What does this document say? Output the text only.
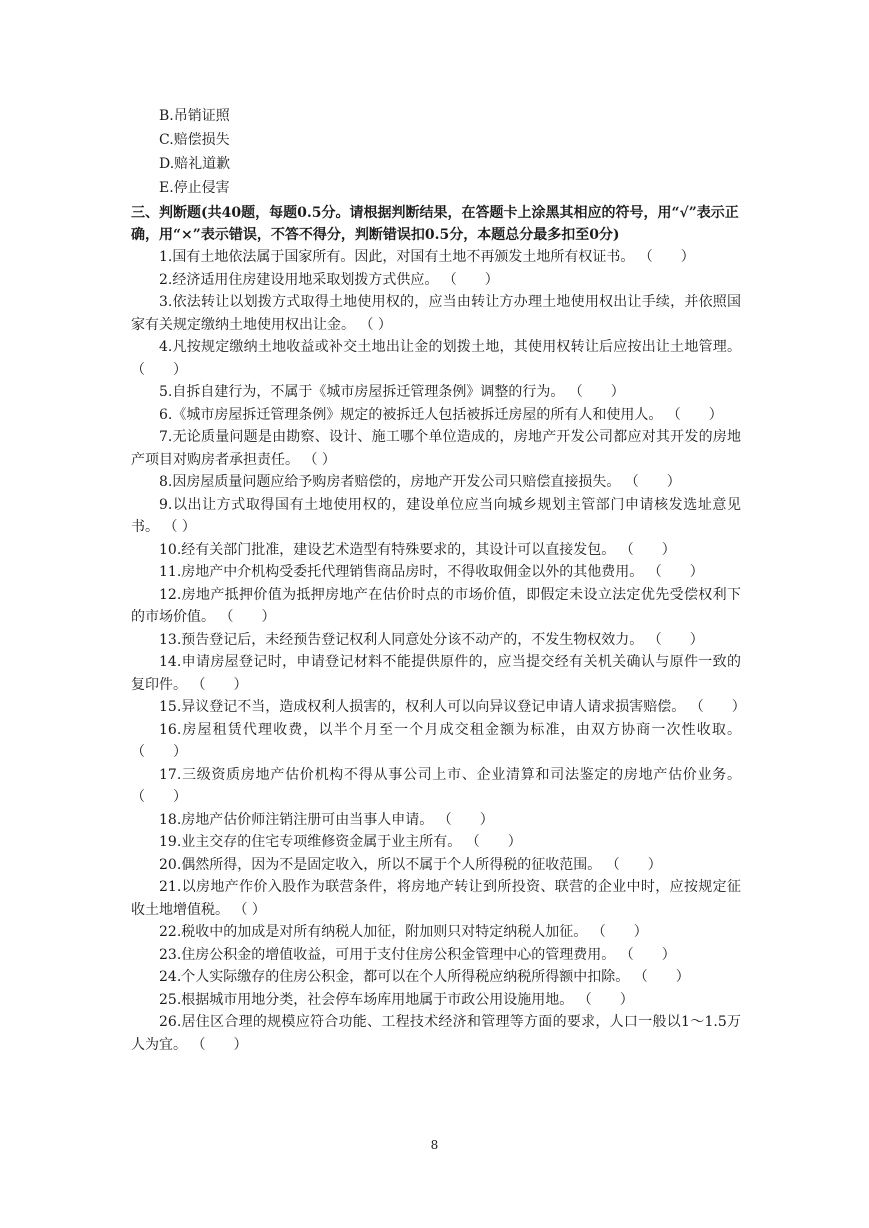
B.吊销证照
C.赔偿损失
D.赔礼道歉
E.停止侵害
三、判断题(共40题，每题0.5分。请根据判断结果，在答题卡上涂黑其相应的符号，用“√”表示正确，用“×”表示错误，不答不得分，判断错误扣0.5分，本题总分最多扣至0分)
1.国有土地依法属于国家所有。因此，对国有土地不再颁发土地所有权证书。 （　　）
2.经济适用住房建设用地采取划拨方式供应。 （　　）
3.依法转让以划拨方式取得土地使用权的，应当由转让方办理土地使用权出让手续，并依照国家有关规定缴纳土地使用权出让金。 （ ）
4.凡按规定缴纳土地收益或补交土地出让金的划拨土地，其使用权转让后应按出让土地管理。 （　　）
5.自拆自建行为，不属于《城市房屋拆迁管理条例》调整的行为。 （　　）
6.《城市房屋拆迁管理条例》规定的被拆迁人包括被拆迁房屋的所有人和使用人。 （　　）
7.无论质量问题是由勘察、设计、施工哪个单位造成的，房地产开发公司都应对其开发的房地产项目对购房者承担责任。 （ ）
8.因房屋质量问题应给予购房者赔偿的，房地产开发公司只赔偿直接损失。 （　　）
9.以出让方式取得国有土地使用权的，建设单位应当向城乡规划主管部门申请核发选址意见书。 （ ）
10.经有关部门批准，建设艺术造型有特殊要求的，其设计可以直接发包。 （　　）
11.房地产中介机构受委托代理销售商品房时，不得收取佣金以外的其他费用。 （　　）
12.房地产抵押价值为抵押房地产在估价时点的市场价值，即假定未设立法定优先受偿权利下的市场价值。 （　　）
13.预告登记后，未经预告登记权利人同意处分该不动产的，不发生物权效力。 （　　）
14.申请房屋登记时，申请登记材料不能提供原件的，应当提交经有关机关确认与原件一致的复印件。 （　　）
15.异议登记不当，造成权利人损害的，权利人可以向异议登记申请人请求损害赔偿。 （　　）
16.房屋租赁代理收费，以半个月至一个月成交租金额为标准，由双方协商一次性收取。 （　　）
17.三级资质房地产估价机构不得从事公司上市、企业清算和司法鉴定的房地产估价业务。 （　　）
18.房地产估价师注销注册可由当事人申请。 （　　）
19.业主交存的住宅专项维修资金属于业主所有。 （　　）
20.偶然所得，因为不是固定收入，所以不属于个人所得税的征收范围。 （　　）
21.以房地产作价入股作为联营条件，将房地产转让到所投资、联营的企业中时，应按规定征收土地增值税。 （ ）
22.税收中的加成是对所有纳税人加征，附加则只对特定纳税人加征。 （　　）
23.住房公积金的增值收益，可用于支付住房公积金管理中心的管理费用。 （　　）
24.个人实际缴存的住房公积金，都可以在个人所得税应纳税所得额中扣除。 （　　）
25.根据城市用地分类，社会停车场库用地属于市政公用设施用地。 （　　）
26.居住区合理的规模应符合功能、工程技术经济和管理等方面的要求，人口一般以1～1.5万人为宜。 （　　）
8
